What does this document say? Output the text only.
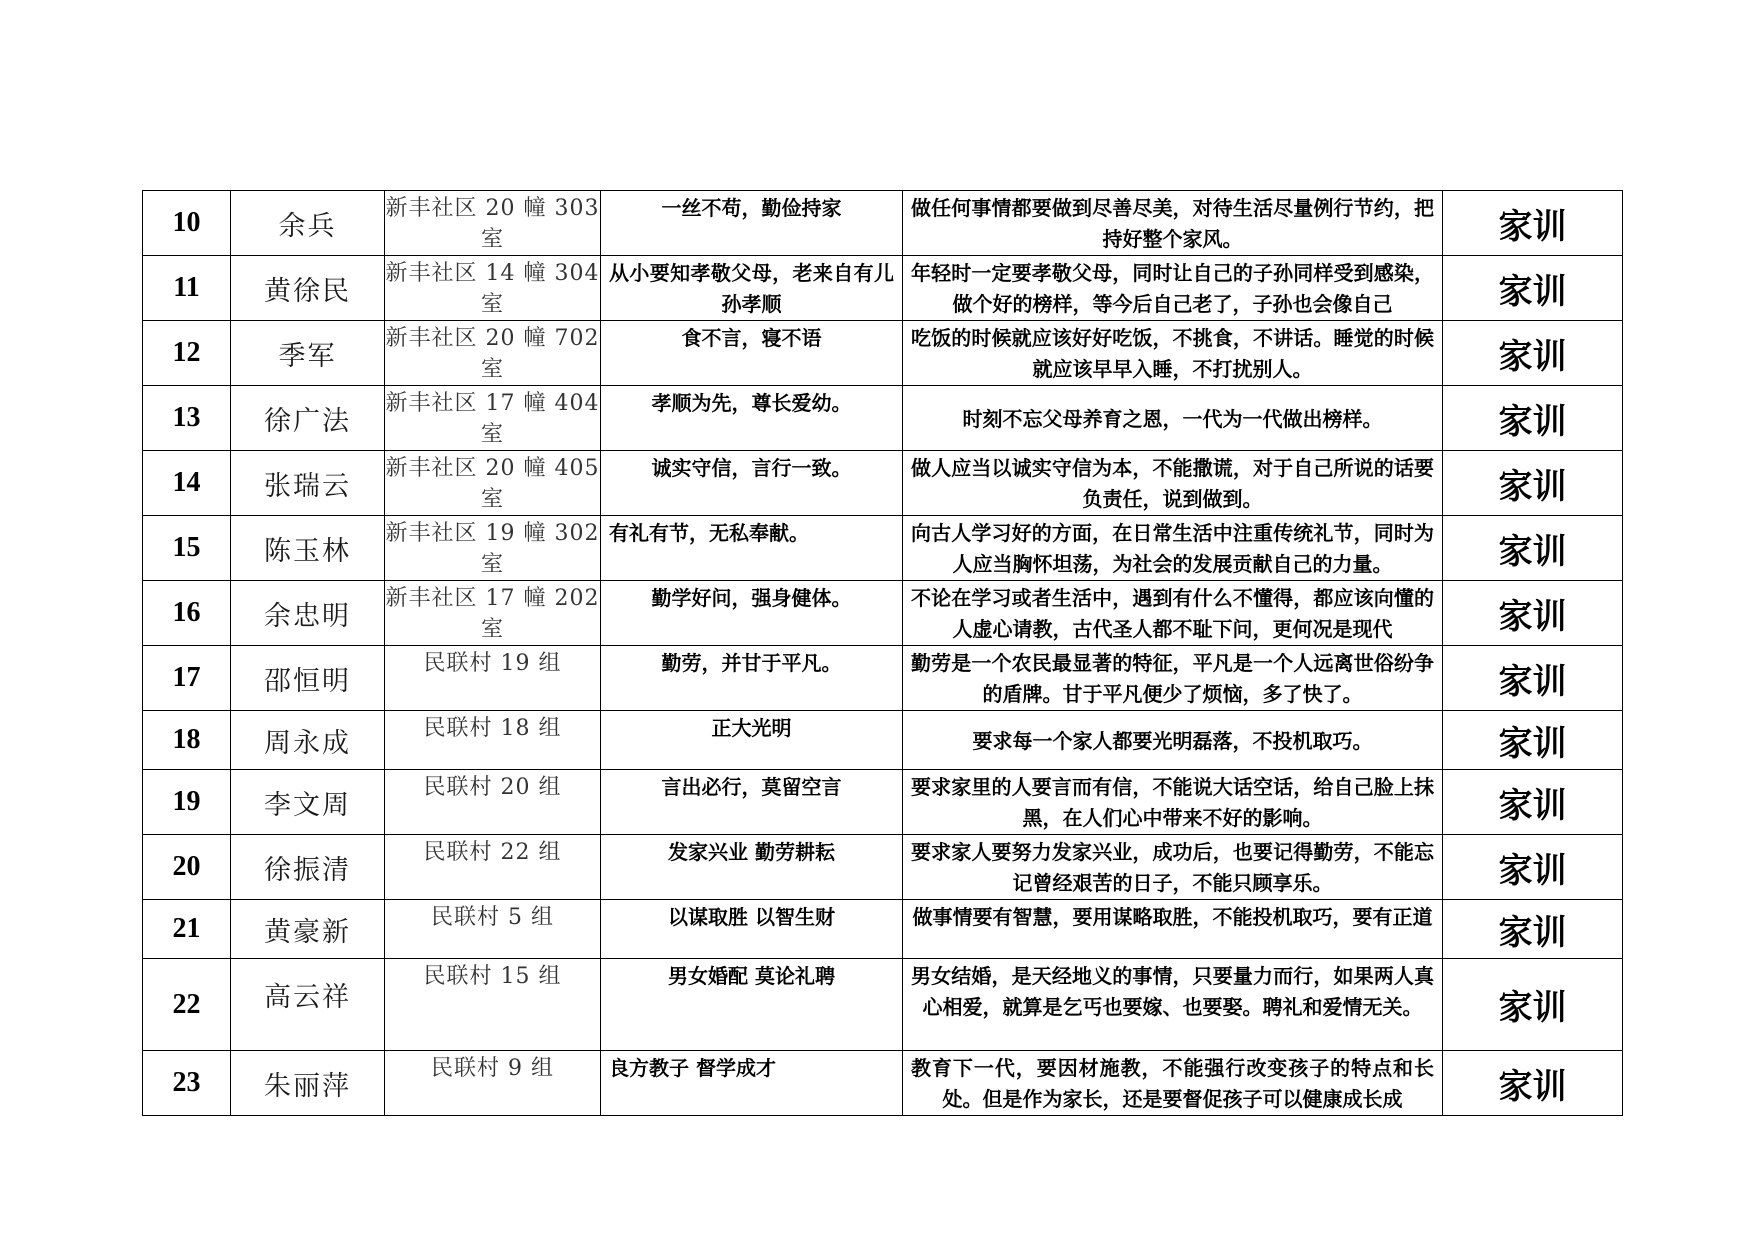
10	余兵	新丰社区 20 幢 303 室	一丝不苟，勤俭持家	做任何事情都要做到尽善尽美，对待生活尽量例行节约，把持好整个家风。	家训
11	黄徐民	新丰社区 14 幢 304 室	从小要知孝敬父母，老来自有儿孙孝顺	年轻时一定要孝敬父母，同时让自己的子孙同样受到感染，做个好的榜样，等今后自己老了，子孙也会像自己	家训
12	季军	新丰社区 20 幢 702 室	食不言，寝不语	吃饭的时候就应该好好吃饭，不挑食，不讲话。睡觉的时候就应该早早入睡，不打扰别人。	家训
13	徐广法	新丰社区 17 幢 404 室	孝顺为先，尊长爱幼。	时刻不忘父母养育之恩，一代为一代做出榜样。	家训
14	张瑞云	新丰社区 20 幢 405 室	诚实守信，言行一致。	做人应当以诚实守信为本，不能撒谎，对于自己所说的话要负责任，说到做到。	家训
15	陈玉林	新丰社区 19 幢 302 室	有礼有节，无私奉献。	向古人学习好的方面，在日常生活中注重传统礼节，同时为人应当胸怀坦荡，为社会的发展贡献自己的力量。	家训
16	余忠明	新丰社区 17 幢 202 室	勤学好问，强身健体。	不论在学习或者生活中，遇到有什么不懂得，都应该向懂的人虚心请教，古代圣人都不耻下问，更何况是现代	家训
17	邵恒明	民联村 19 组	勤劳，并甘于平凡。	勤劳是一个农民最显著的特征，平凡是一个人远离世俗纷争的盾牌。甘于平凡便少了烦恼，多了快了。	家训
18	周永成	民联村 18 组	正大光明	要求每一个家人都要光明磊落，不投机取巧。	家训
19	李文周	民联村 20 组	言出必行，莫留空言	要求家里的人要言而有信，不能说大话空话，给自己脸上抹黑，在人们心中带来不好的影响。	家训
20	徐振清	民联村 22 组	发家兴业 勤劳耕耘	要求家人要努力发家兴业，成功后，也要记得勤劳，不能忘记曾经艰苦的日子，不能只顾享乐。	家训
21	黄豪新	民联村 5 组	以谋取胜 以智生财	做事情要有智慧，要用谋略取胜，不能投机取巧，要有正道	家训
22	高云祥	民联村 15 组	男女婚配 莫论礼聘	男女结婚，是天经地义的事情，只要量力而行，如果两人真心相爱，就算是乞丐也要嫁、也要娶。聘礼和爱情无关。	家训
23	朱丽萍	民联村 9 组	良方教子 督学成才	教育下一代，要因材施教，不能强行改变孩子的特点和长处。但是作为家长，还是要督促孩子可以健康成长成	家训
